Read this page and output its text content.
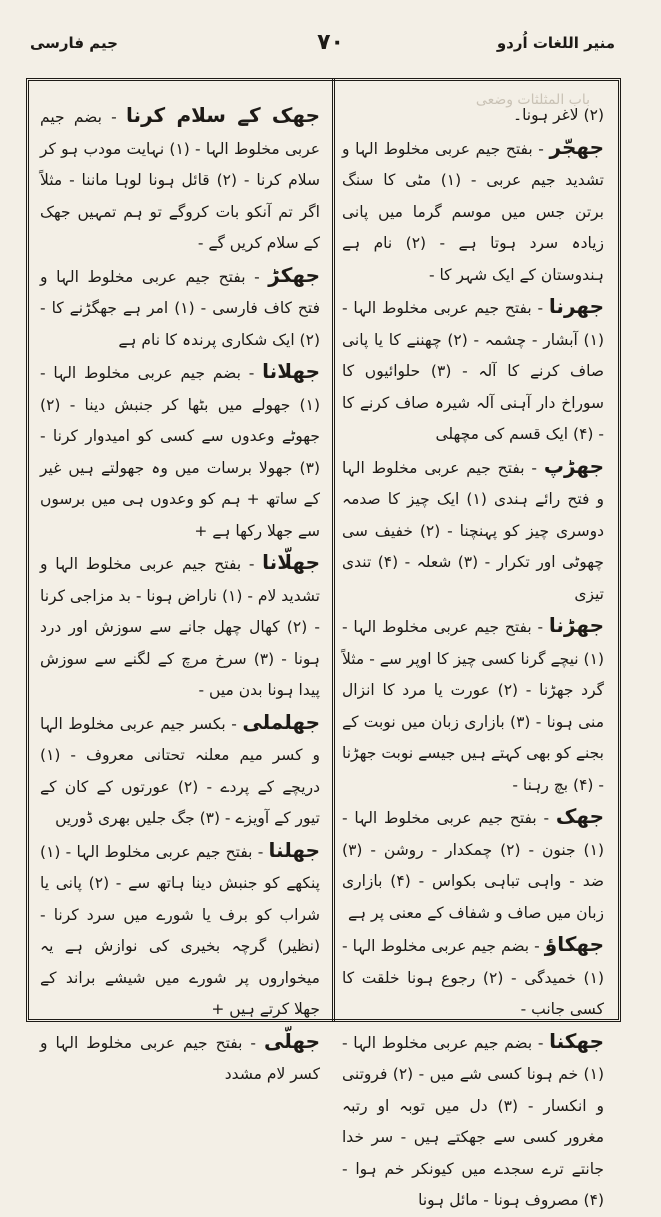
منیر اللغات اُردو
٧٠
جیم فارسی
باب المثلثات وضعی

(۲) لاغر ہونا۔

جھجّر - بفتح جیم عربی مخلوط الہا و تشدید جیم عربی - (۱) مٹی کا سنگ برتن جس میں موسم گرما میں پانی زیادہ سرد ہوتا ہے - (۲) نام ہے ہندوستان کے ایک شہر کا -

جھرنا - بفتح جیم عربی مخلوط الہا - (۱) آبشار - چشمہ - (۲) چھننے کا یا پانی صاف کرنے کا آلہ - (۳) حلوائیوں کا سوراخ دار آہنی آلہ شیرہ صاف کرنے کا - (۴) ایک قسم کی مچھلی

جھڑپ - بفتح جیم عربی مخلوط الہا و فتح رائے ہندی (۱) ایک چیز کا صدمہ دوسری چیز کو پہنچنا - (۲) خفیف سی چھوٹی اور تکرار - (۳) شعلہ - (۴) تندی تیزی

جھڑنا - بفتح جیم عربی مخلوط الہا - (۱) نیچے گرنا کسی چیز کا اوپر سے - مثلاً گرد جھڑنا - (۲) عورت یا مرد کا انزال منی ہونا - (۳) بازاری زبان میں نوبت کے بجنے کو بھی کہتے ہیں جیسے نوبت جھڑنا - (۴) بچ رہنا -

جھک - بفتح جیم عربی مخلوط الہا - (۱) جنون - (۲) چمکدار - روشن - (۳) ضد - واہی تباہی بکواس - (۴) بازاری زبان میں صاف و شفاف کے معنی پر ہے

جھکاؤ - بضم جیم عربی مخلوط الہا - (۱) خمیدگی - (۲) رجوع ہونا خلقت کا کسی جانب -

جھکنا - بضم جیم عربی مخلوط الہا - (۱) خم ہونا کسی شے میں - (۲) فروتنی و انکسار - (۳) دل میں توبہ او رتبہ مغرور کسی سے جھکتے ہیں - سر خدا جانتے ترے سجدے میں کیونکر خم ہوا - (۴) مصروف ہونا - مائل ہونا

جھک کے سلام کرنا - بضم جیم عربی مخلوط الہا - (۱) نہایت مودب ہو کر سلام کرنا - (۲) قائل ہونا لوہا ماننا - مثلاً اگر تم آنکو بات کروگے تو ہم تمہیں جھک کے سلام کریں گے -

جھکڑ - بفتح جیم عربی مخلوط الہا و فتح کاف فارسی - (۱) امر ہے جھگڑنے کا - (۲) ایک شکاری پرندہ کا نام ہے

جھلانا - بضم جیم عربی مخلوط الہا - (۱) جھولے میں بٹھا کر جنبش دینا - (۲) جھوٹے وعدوں سے کسی کو امیدوار کرنا - (۳) جھولا برسات میں وہ جھولتے ہیں غیر کے ساتھ + ہم کو وعدوں ہی میں برسوں سے جھلا رکھا ہے +

جھلّانا - بفتح جیم عربی مخلوط الہا و تشدید لام - (۱) ناراض ہونا - بد مزاجی کرنا - (۲) کھال چھل جانے سے سوزش اور درد ہونا - (۳) سرخ مرچ کے لگنے سے سوزش پیدا ہونا بدن میں -

جھلملی - بکسر جیم عربی مخلوط الہا و کسر میم معلنہ تحتانی معروف - (۱) دریچے کے پردے - (۲) عورتوں کے کان کے تیور کے آویزے - (۳) جگ جلیں بھری ڈوریں

جھلنا - بفتح جیم عربی مخلوط الہا - (۱) پنکھے کو جنبش دینا ہاتھ سے - (۲) پانی یا شراب کو برف یا شورے میں سرد کرنا - (نظیر) گرچہ بخیری کی نوازش ہے یہ میخواروں پر شورے میں شیشے براند کے جھلا کرتے ہیں +

جھلّی - بفتح جیم عربی مخلوط الہا و کسر لام مشدد
